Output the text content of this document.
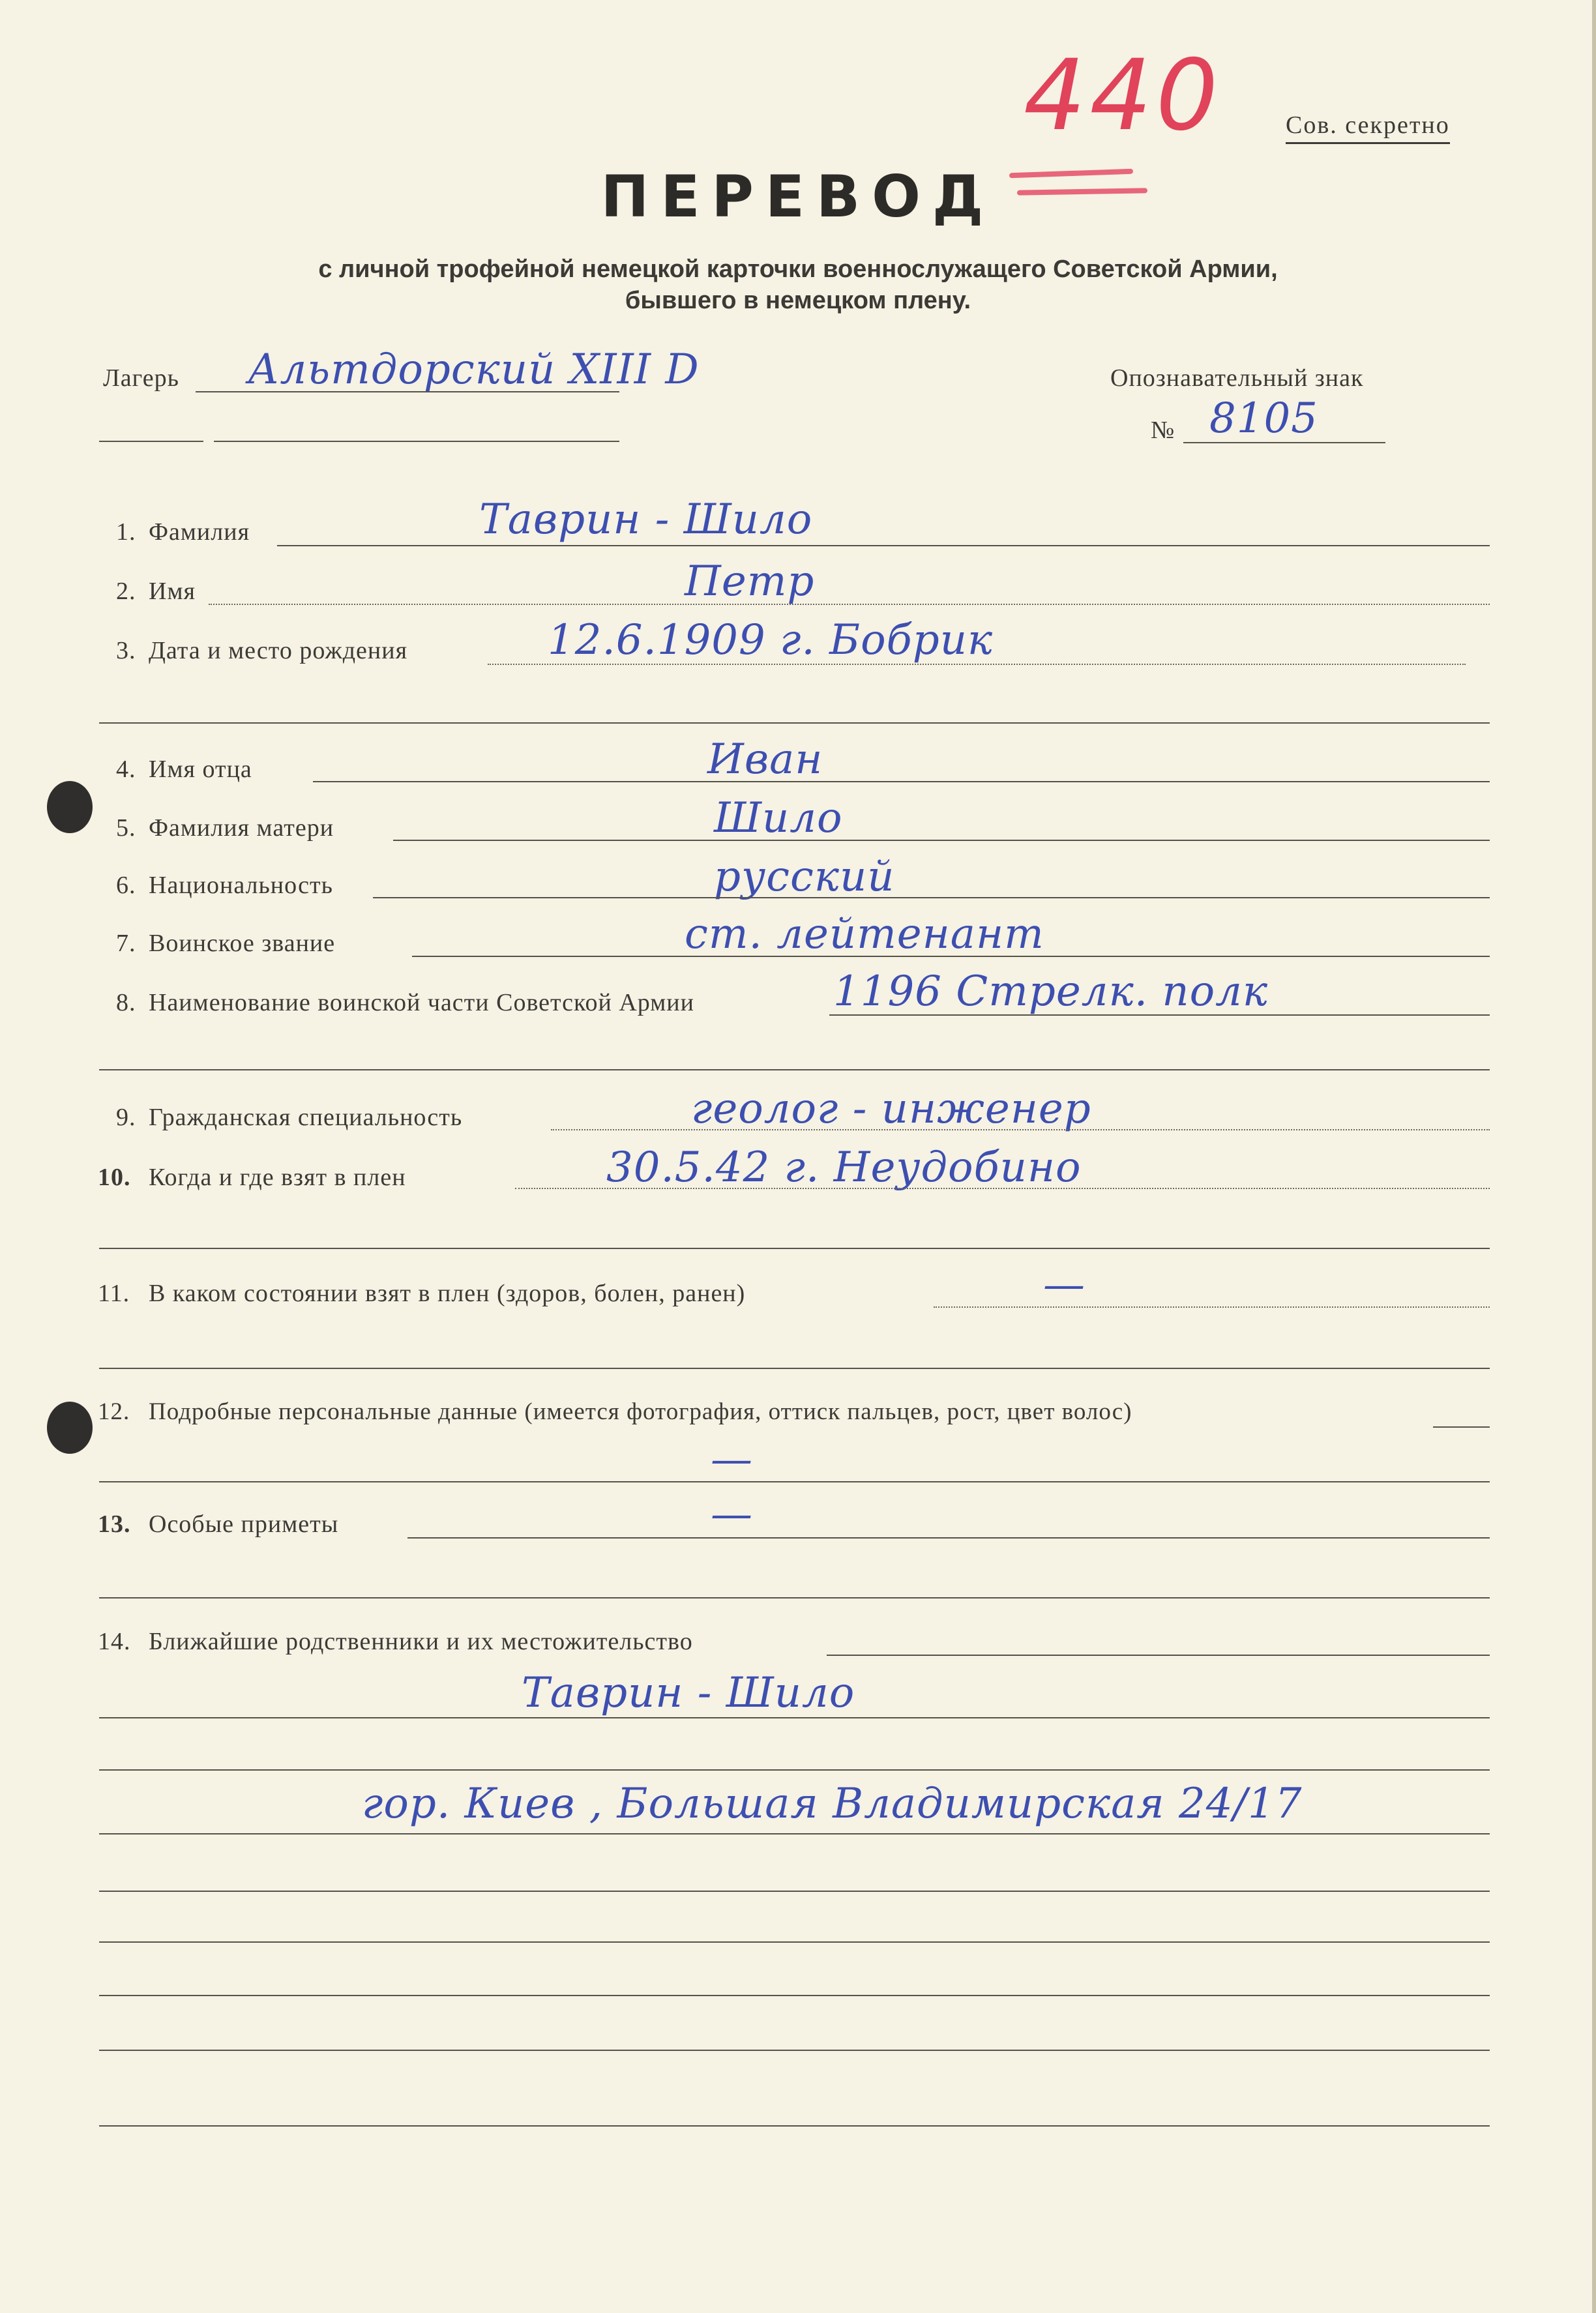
440	Сов. секретно
ПЕРЕВОД
с личной трофейной немецкой карточки военнослужащего Советской Армии,
бывшего в немецком плену.
Лагерь Альтдорский XIII D	Опознавательный знак
№ 8105
1. Фамилия	Таврин - Шило
2. Имя	Петр
3. Дата и место рождения	12.6.1909 г. Бобрик
4. Имя отца	Иван
5. Фамилия матери	Шило
6. Национальность	русский
7. Воинское звание	ст. лейтенант
8. Наименование воинской части Советской Армии	1196 Стрелк. полк
9. Гражданская специальность	геолог - инженер
10. Когда и где взят в плен	30.5.42 г. Неудобино
11. В каком состоянии взят в плен (здоров, болен, ранен)	—
12. Подробные персональные данные (имеется фотография, оттиск пальцев, рост, цвет волос)
—
13. Особые приметы	—
14. Ближайшие родственники и их местожительство
Таврин - Шило
гор. Киев , Большая Владимирская 24/17
